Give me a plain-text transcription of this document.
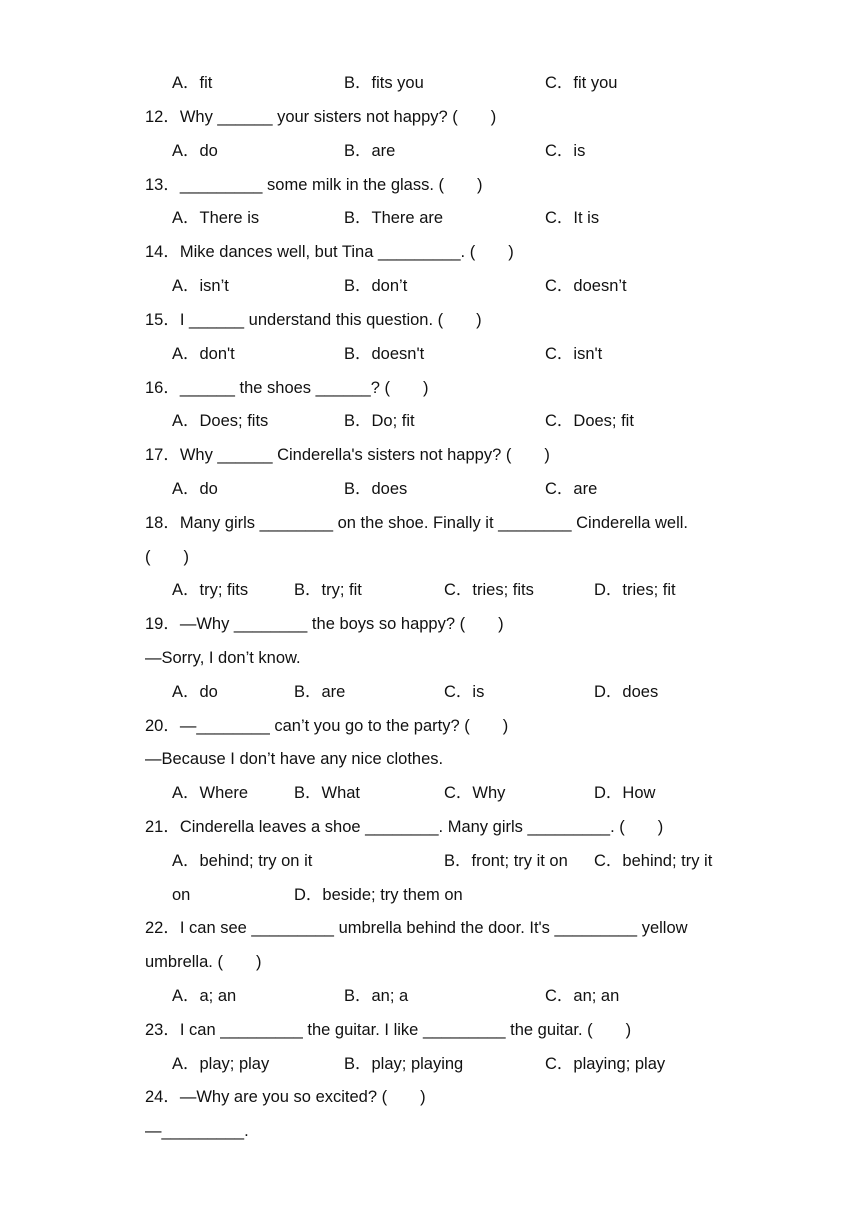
A．fit	B．fits you	C．fit you
12．Why ______ your sisters not happy? (　　)
A．do	B．are	C．is
13．_________ some milk in the glass. (　　)
A．There is	B．There are	C．It is
14．Mike dances well, but Tina _________. (　　)
A．isn’t	B．don’t	C．doesn’t
15．I ______ understand this question. (　　)
A．don't	B．doesn't	C．isn't
16．______ the shoes ______? (　　)
A．Does; fits	B．Do; fit	C．Does; fit
17．Why ______ Cinderella's sisters not happy? (　　)
A．do	B．does	C．are
18．Many girls ________ on the shoe. Finally it ________ Cinderella well.
(　　)
A．try; fits	B．try; fit	C．tries; fits	D．tries; fit
19．—Why ________ the boys so happy? (　　)
—Sorry, I don’t know.
A．do	B．are	C．is	D．does
20．—________ can’t you go to the party? (　　)
—Because I don’t have any nice clothes.
A．Where	B．What	C．Why	D．How
21．Cinderella leaves a shoe ________. Many girls _________. (　　)
A．behind; try on it	B．front; try it on C．behind; try it
on	D．beside; try them on
22．I can see _________ umbrella behind the door. It's _________ yellow
umbrella. (　　)
A．a; an	B．an; a	C．an; an
23．I can _________ the guitar. I like _________ the guitar. (　　)
A．play; play	B．play; playing	C．playing; play
24．—Why are you so excited? (　　)
—_________.
